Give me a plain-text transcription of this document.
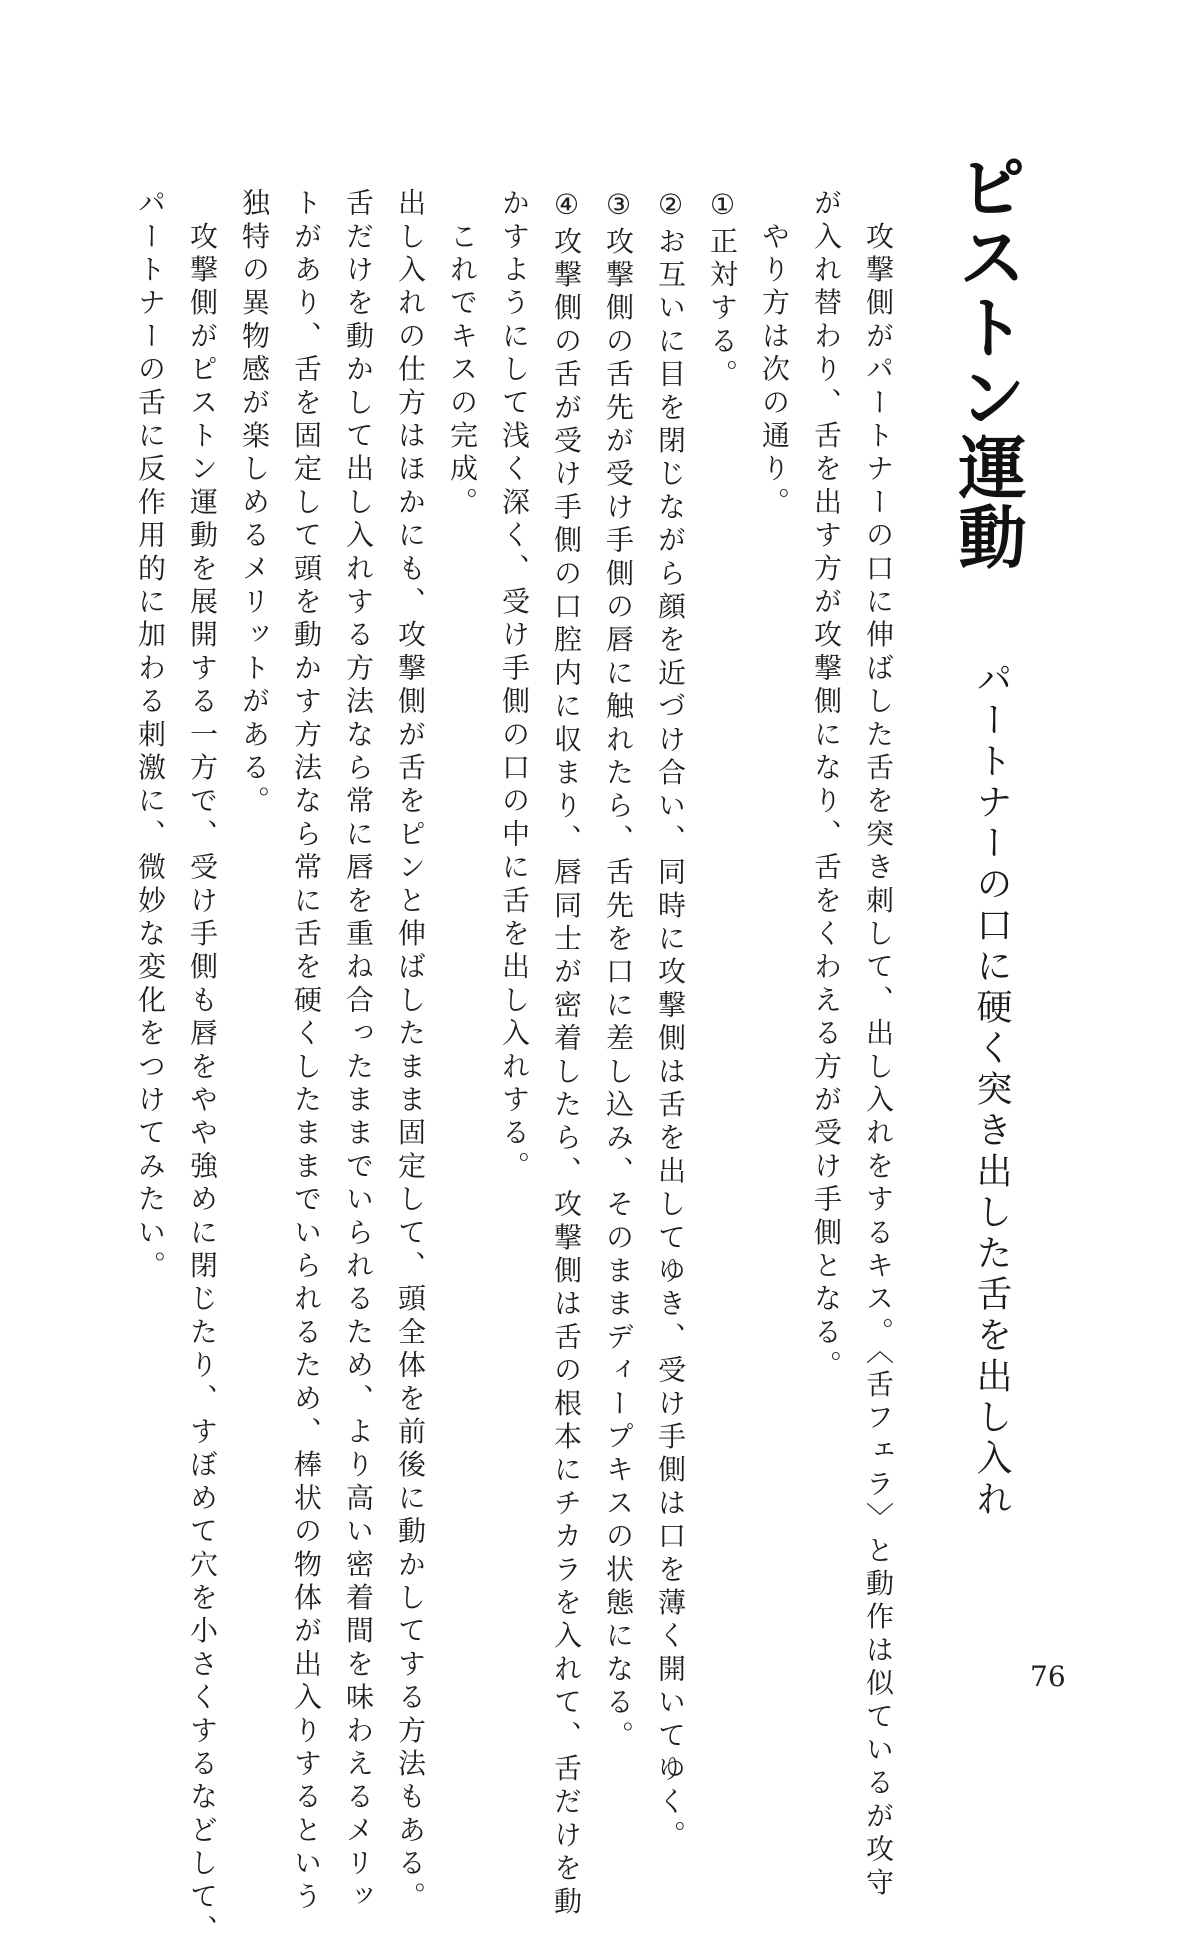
ピストン運動
パートナーの口に硬く突き出した舌を出し入れ
　攻撃側がパートナーの口に伸ばした舌を突き刺して、出し入れをするキス。〈舌フェラ〉と動作は似ているが攻守
が入れ替わり、舌を出す方が攻撃側になり、舌をくわえる方が受け手側となる。
　やり方は次の通り。
①正対する。
②お互いに目を閉じながら顔を近づけ合い、同時に攻撃側は舌を出してゆき、受け手側は口を薄く開いてゆく。
③攻撃側の舌先が受け手側の唇に触れたら、舌先を口に差し込み、そのままディープキスの状態になる。
④攻撃側の舌が受け手側の口腔内に収まり、唇同士が密着したら、攻撃側は舌の根本にチカラを入れて、舌だけを動
かすようにして浅く深く、受け手側の口の中に舌を出し入れする。
　これでキスの完成。
出し入れの仕方はほかにも、攻撃側が舌をピンと伸ばしたまま固定して、頭全体を前後に動かしてする方法もある。
舌だけを動かして出し入れする方法なら常に唇を重ね合ったままでいられるため、より高い密着間を味わえるメリッ
トがあり、舌を固定して頭を動かす方法なら常に舌を硬くしたままでいられるため、棒状の物体が出入りするという
独特の異物感が楽しめるメリットがある。
　攻撃側がピストン運動を展開する一方で、受け手側も唇をやや強めに閉じたり、すぼめて穴を小さくするなどして、
パートナーの舌に反作用的に加わる刺激に、微妙な変化をつけてみたい。
76
